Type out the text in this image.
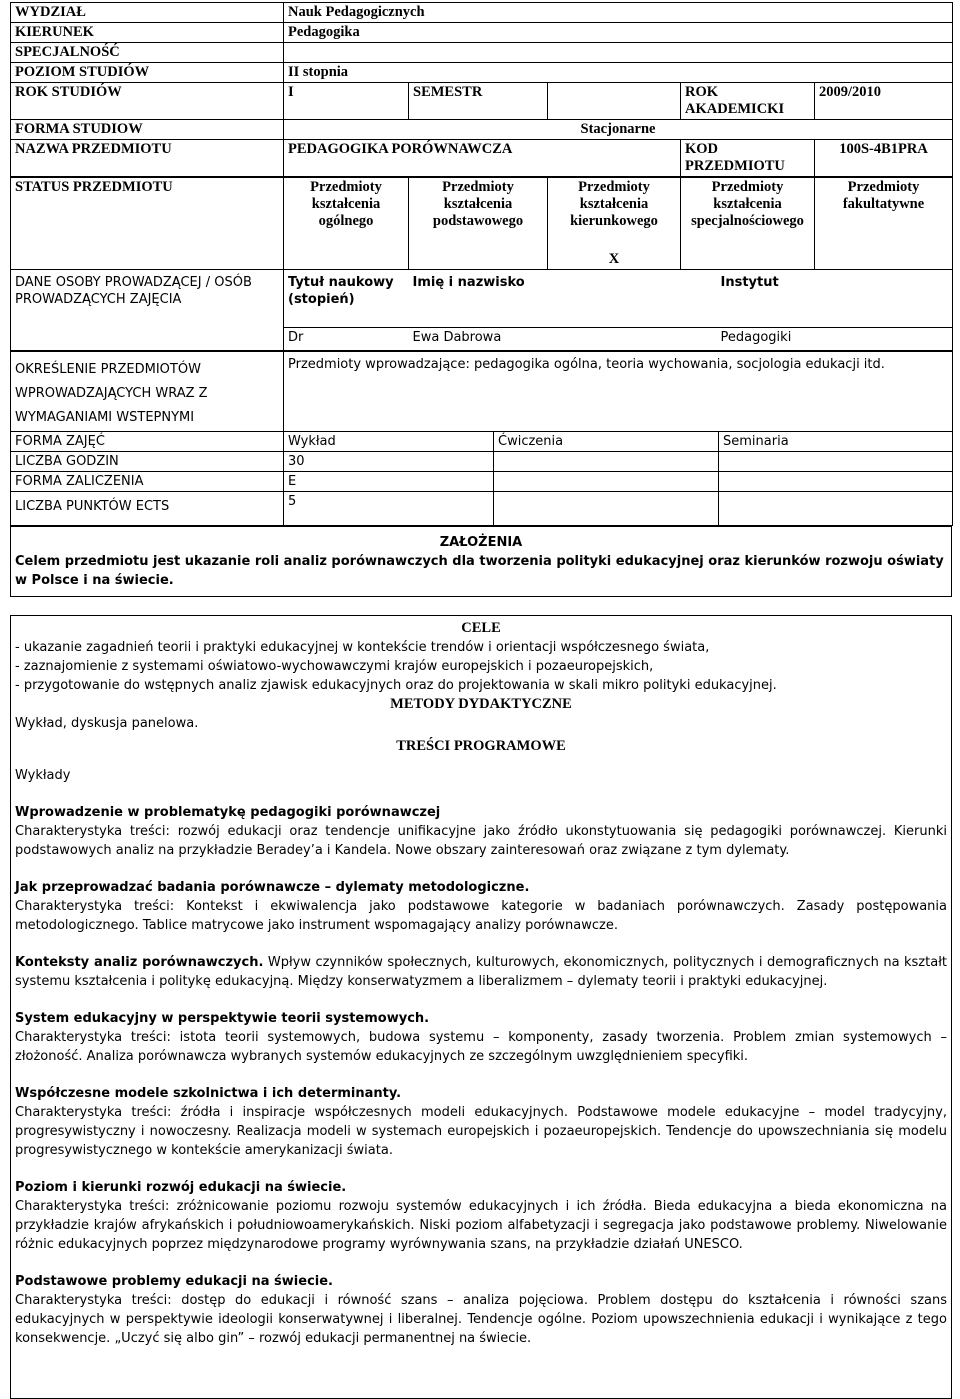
WYDZIAŁ	Nauk Pedagogicznych				
KIERUNEK	Pedagogika				
SPECJALNOŚĆ					
POZIOM STUDIÓW	II stopnia				
ROK STUDIÓW	I	SEMESTR		ROK AKADEMICKI	2009/2010
FORMA STUDIOW	Stacjonarne				
NAZWA PRZEDMIOTU	PEDAGOGIKA PORÓWNAWCZA			KOD PRZEDMIOTU	100S-4B1PRA
STATUS PRZEDMIOTU	Przedmioty kształcenia ogólnego	Przedmioty kształcenia podstawowego	Przedmioty kształcenia kierunkowego	Przedmioty kształcenia specjalnościowego	Przedmioty fakultatywne
			X		
DANE OSOBY PROWADZĄCEJ / OSÓB PROWADZĄCYCH ZAJĘCIA	Tytuł naukowy (stopień)	Imię i nazwisko		Instytut	
	Dr	Ewa Dabrowa		Pedagogiki	
OKREŚLENIE PRZEDMIOTÓW WPROWADZAJĄCYCH WRAZ Z WYMAGANIAMI WSTEPNYMI	Przedmioty wprowadzające: pedagogika ogólna, teoria wychowania, socjologia edukacji itd.		
FORMA ZAJĘĆ	Wykład	Ćwiczenia	Seminaria
LICZBA GODZIN	30		
FORMA ZALICZENIA	E		
LICZBA PUNKTÓW ECTS	5		
ZAŁOŻENIA
Celem przedmiotu jest ukazanie roli analiz porównawczych dla tworzenia polityki edukacyjnej oraz kierunków rozwoju oświaty w Polsce i na świecie.
CELE
- ukazanie zagadnień teorii i praktyki edukacyjnej w kontekście trendów i orientacji współczesnego świata,
- zaznajomienie z systemami oświatowo-wychowawczymi krajów europejskich i pozaeuropejskich,
- przygotowanie do wstępnych analiz zjawisk edukacyjnych oraz do projektowania w skali mikro polityki edukacyjnej.
METODY DYDAKTYCZNE
Wykład, dyskusja panelowa.
TREŚCI PROGRAMOWE
Wykłady
Wprowadzenie w problematykę pedagogiki porównawczej
Charakterystyka treści: rozwój edukacji oraz tendencje unifikacyjne jako źródło ukonstytuowania się pedagogiki porównawczej. Kierunki podstawowych analiz na przykładzie Beradey’a i Kandela. Nowe obszary zainteresowań oraz związane z tym dylematy.
Jak przeprowadzać badania porównawcze – dylematy metodologiczne.
Charakterystyka treści: Kontekst i ekwiwalencja jako podstawowe kategorie w badaniach porównawczych. Zasady postępowania metodologicznego. Tablice matrycowe jako instrument wspomagający analizy porównawcze.
Konteksty analiz porównawczych. Wpływ czynników społecznych, kulturowych, ekonomicznych, politycznych i demograficznych na kształt systemu kształcenia i politykę edukacyjną. Między konserwatyzmem a liberalizmem – dylematy teorii i praktyki edukacyjnej.
System edukacyjny w perspektywie teorii systemowych.
Charakterystyka treści: istota teorii systemowych, budowa systemu – komponenty, zasady tworzenia. Problem zmian systemowych – złożoność. Analiza porównawcza wybranych systemów edukacyjnych ze szczególnym uwzględnieniem specyfiki.
Współczesne modele szkolnictwa i ich determinanty.
Charakterystyka treści: źródła i inspiracje współczesnych modeli edukacyjnych. Podstawowe modele edukacyjne – model tradycyjny, progresywistyczny i nowoczesny. Realizacja modeli w systemach europejskich i pozaeuropejskich. Tendencje do upowszechniania się modelu progresywistycznego w kontekście amerykanizacji świata.
Poziom i kierunki rozwój edukacji na świecie.
Charakterystyka treści: zróżnicowanie poziomu rozwoju systemów edukacyjnych i ich źródła. Bieda edukacyjna a bieda ekonomiczna na przykładzie krajów afrykańskich i południowoamerykańskich. Niski poziom alfabetyzacji i segregacja jako podstawowe problemy. Niwelowanie różnic edukacyjnych poprzez międzynarodowe programy wyrównywania szans, na przykładzie działań UNESCO.
Podstawowe problemy edukacji na świecie.
Charakterystyka treści: dostęp do edukacji i równość szans – analiza pojęciowa. Problem dostępu do kształcenia i równości szans edukacyjnych w perspektywie ideologii konserwatywnej i liberalnej. Tendencje ogólne. Poziom upowszechnienia edukacji i wynikające z tego konsekwencje. „Uczyć się albo gin” – rozwój edukacji permanentnej na świecie.
